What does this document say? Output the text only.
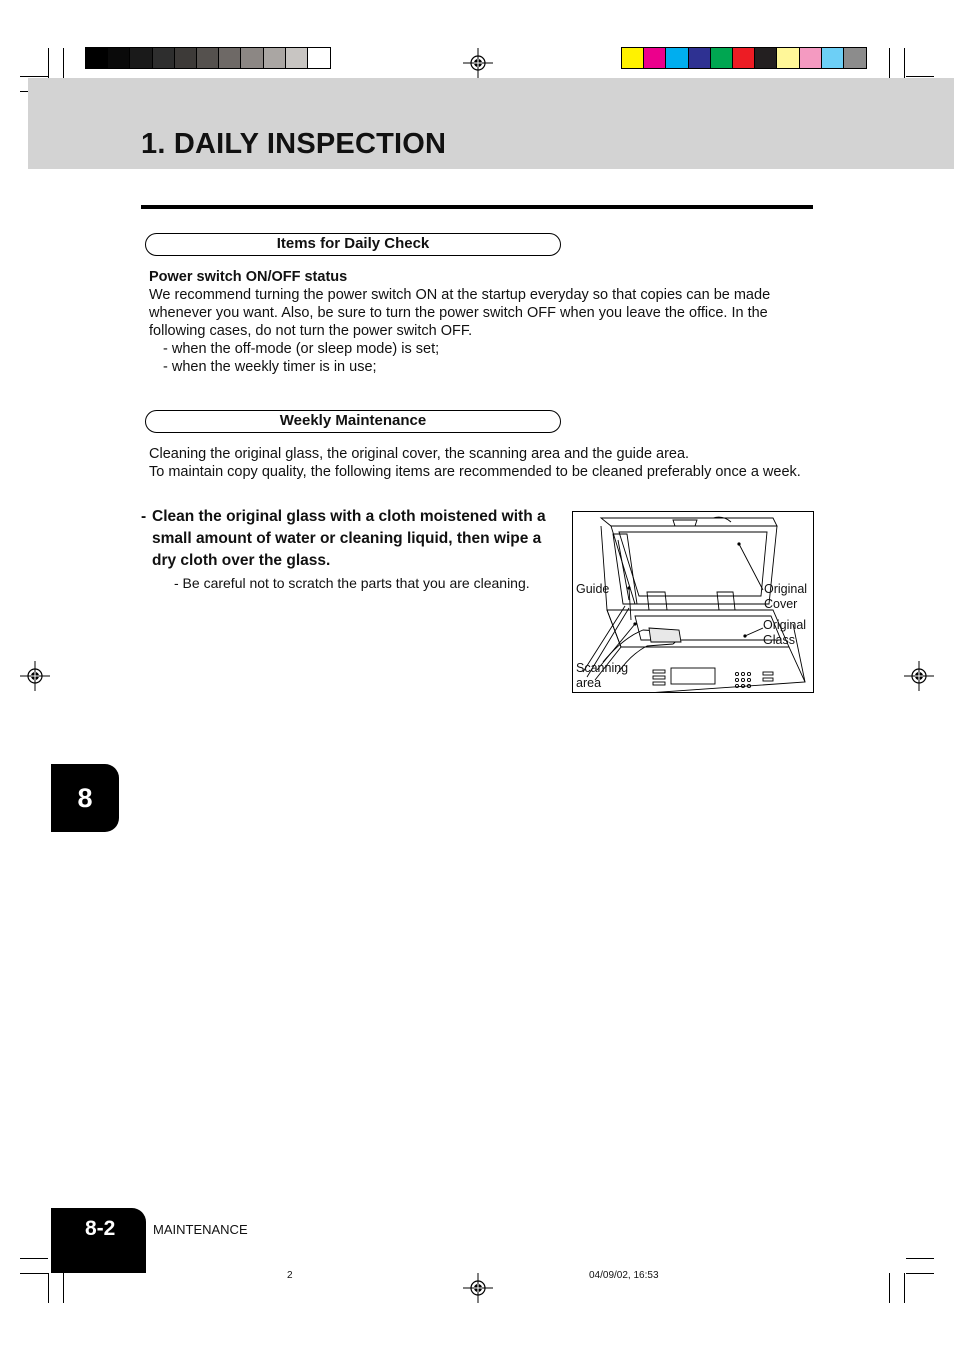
1. DAILY INSPECTION
Items for Daily Check

Power switch ON/OFF status

We recommend turning the power switch ON at the startup everyday so that copies can be made whenever you want. Also, be sure to turn the power switch OFF when you leave the office. In the following cases, do not turn the power switch OFF.

- when the off-mode (or sleep mode) is set;

- when the weekly timer is in use;

Weekly Maintenance

Cleaning the original glass, the original cover, the scanning area and the guide area.

To maintain copy quality, the following items are recommended to be cleaned preferably once a week.

- Clean the original glass with a cloth moistened with a small amount of water or cleaning liquid, then wipe a dry cloth over the glass.
- Be careful not to scratch the parts that you are cleaning.	Guide	Original
Cover
Original
Glass
Scanning
area
8
8-2	MAINTENANCE
2	04/09/02, 16:53
